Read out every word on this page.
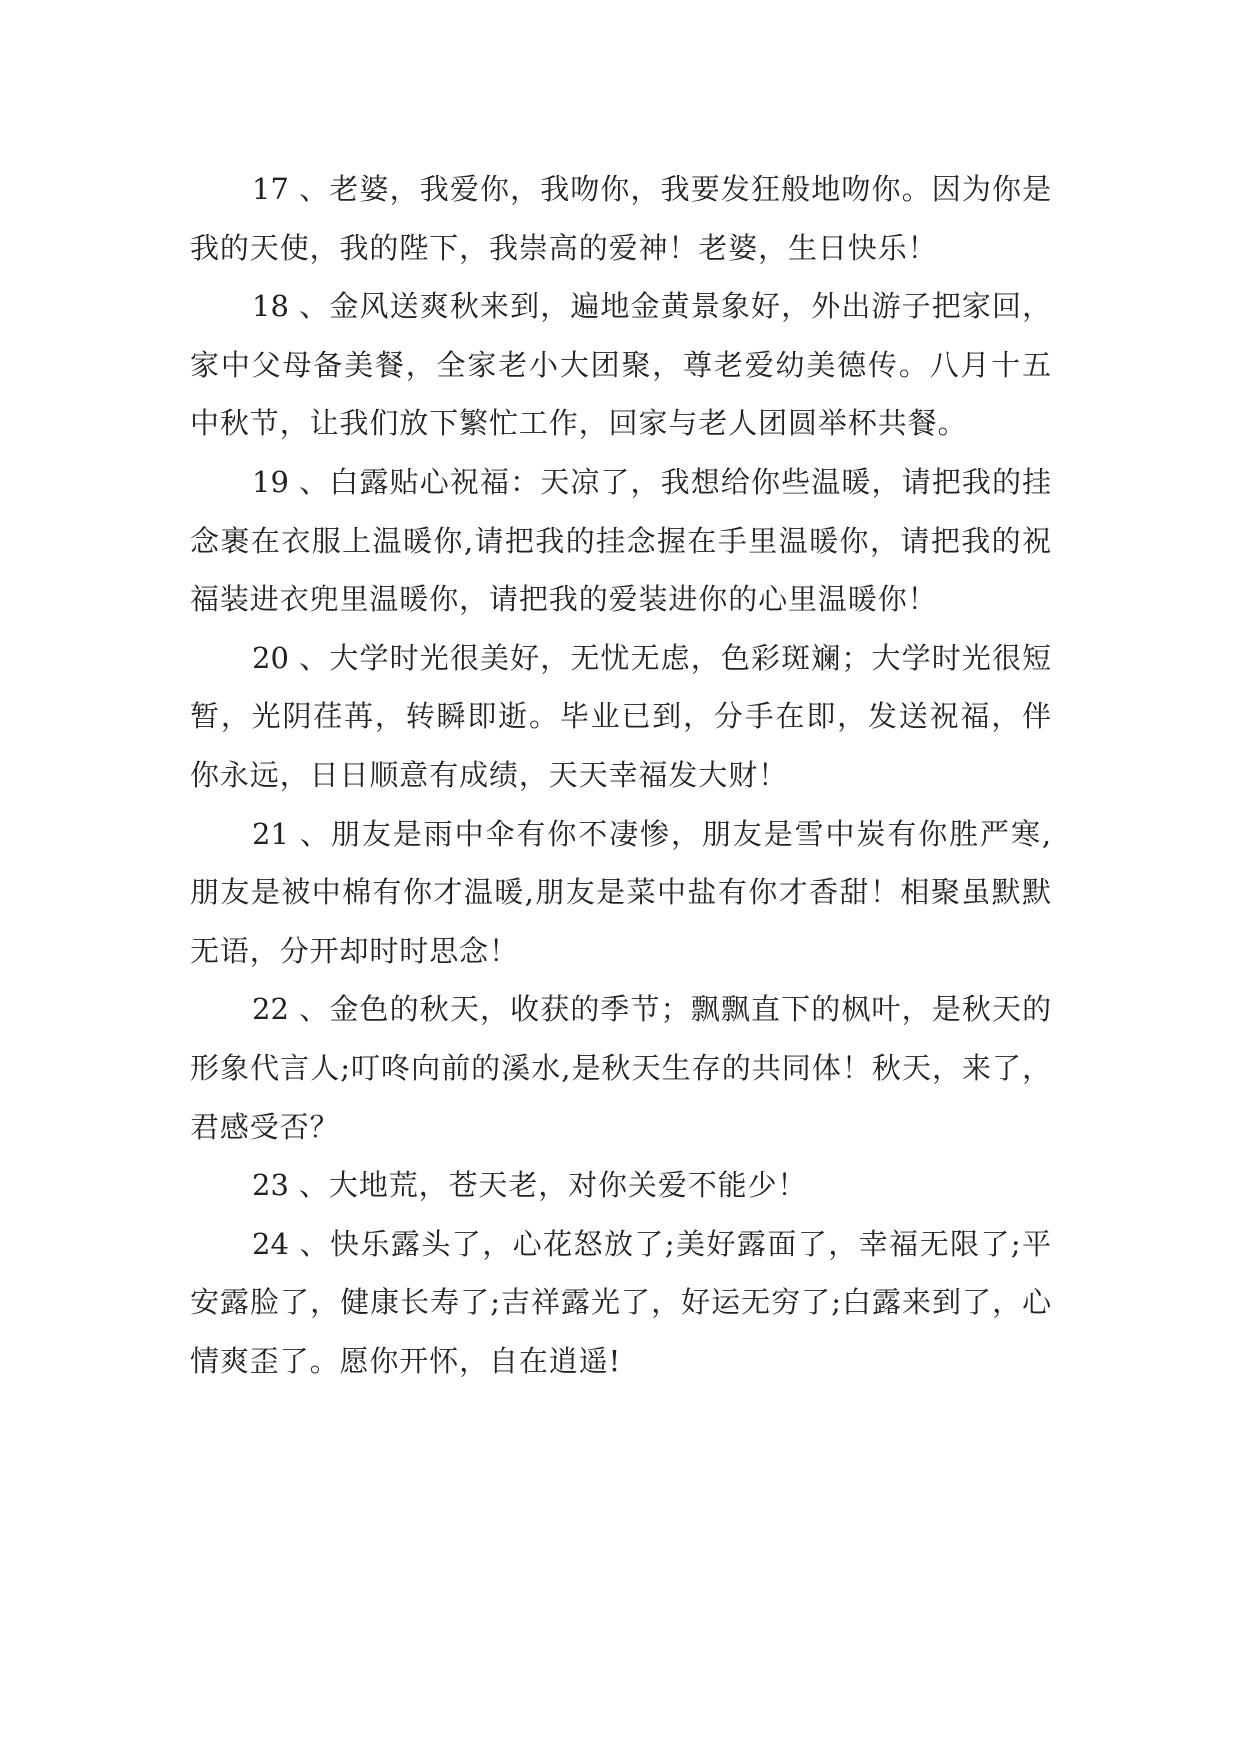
17 、老婆，我爱你，我吻你，我要发狂般地吻你。因为你是我的天使，我的陛下，我崇高的爱神！老婆，生日快乐！

18 、金风送爽秋来到，遍地金黄景象好，外出游子把家回，家中父母备美餐，全家老小大团聚，尊老爱幼美德传。八月十五中秋节，让我们放下繁忙工作，回家与老人团圆举杯共餐。

19 、白露贴心祝福：天凉了，我想给你些温暖，请把我的挂念裹在衣服上温暖你,请把我的挂念握在手里温暖你，请把我的祝福装进衣兜里温暖你，请把我的爱装进你的心里温暖你！

20 、大学时光很美好，无忧无虑，色彩斑斓；大学时光很短暂，光阴荏苒，转瞬即逝。毕业已到，分手在即，发送祝福，伴你永远，日日顺意有成绩，天天幸福发大财！

21 、朋友是雨中伞有你不凄惨，朋友是雪中炭有你胜严寒,朋友是被中棉有你才温暖,朋友是菜中盐有你才香甜！相聚虽默默无语，分开却时时思念！

22 、金色的秋天，收获的季节；飘飘直下的枫叶，是秋天的形象代言人;叮咚向前的溪水,是秋天生存的共同体！秋天，来了，君感受否？

23 、大地荒，苍天老，对你关爱不能少！

24 、快乐露头了，心花怒放了;美好露面了，幸福无限了;平安露脸了，健康长寿了;吉祥露光了，好运无穷了;白露来到了，心情爽歪了。愿你开怀，自在逍遥!
